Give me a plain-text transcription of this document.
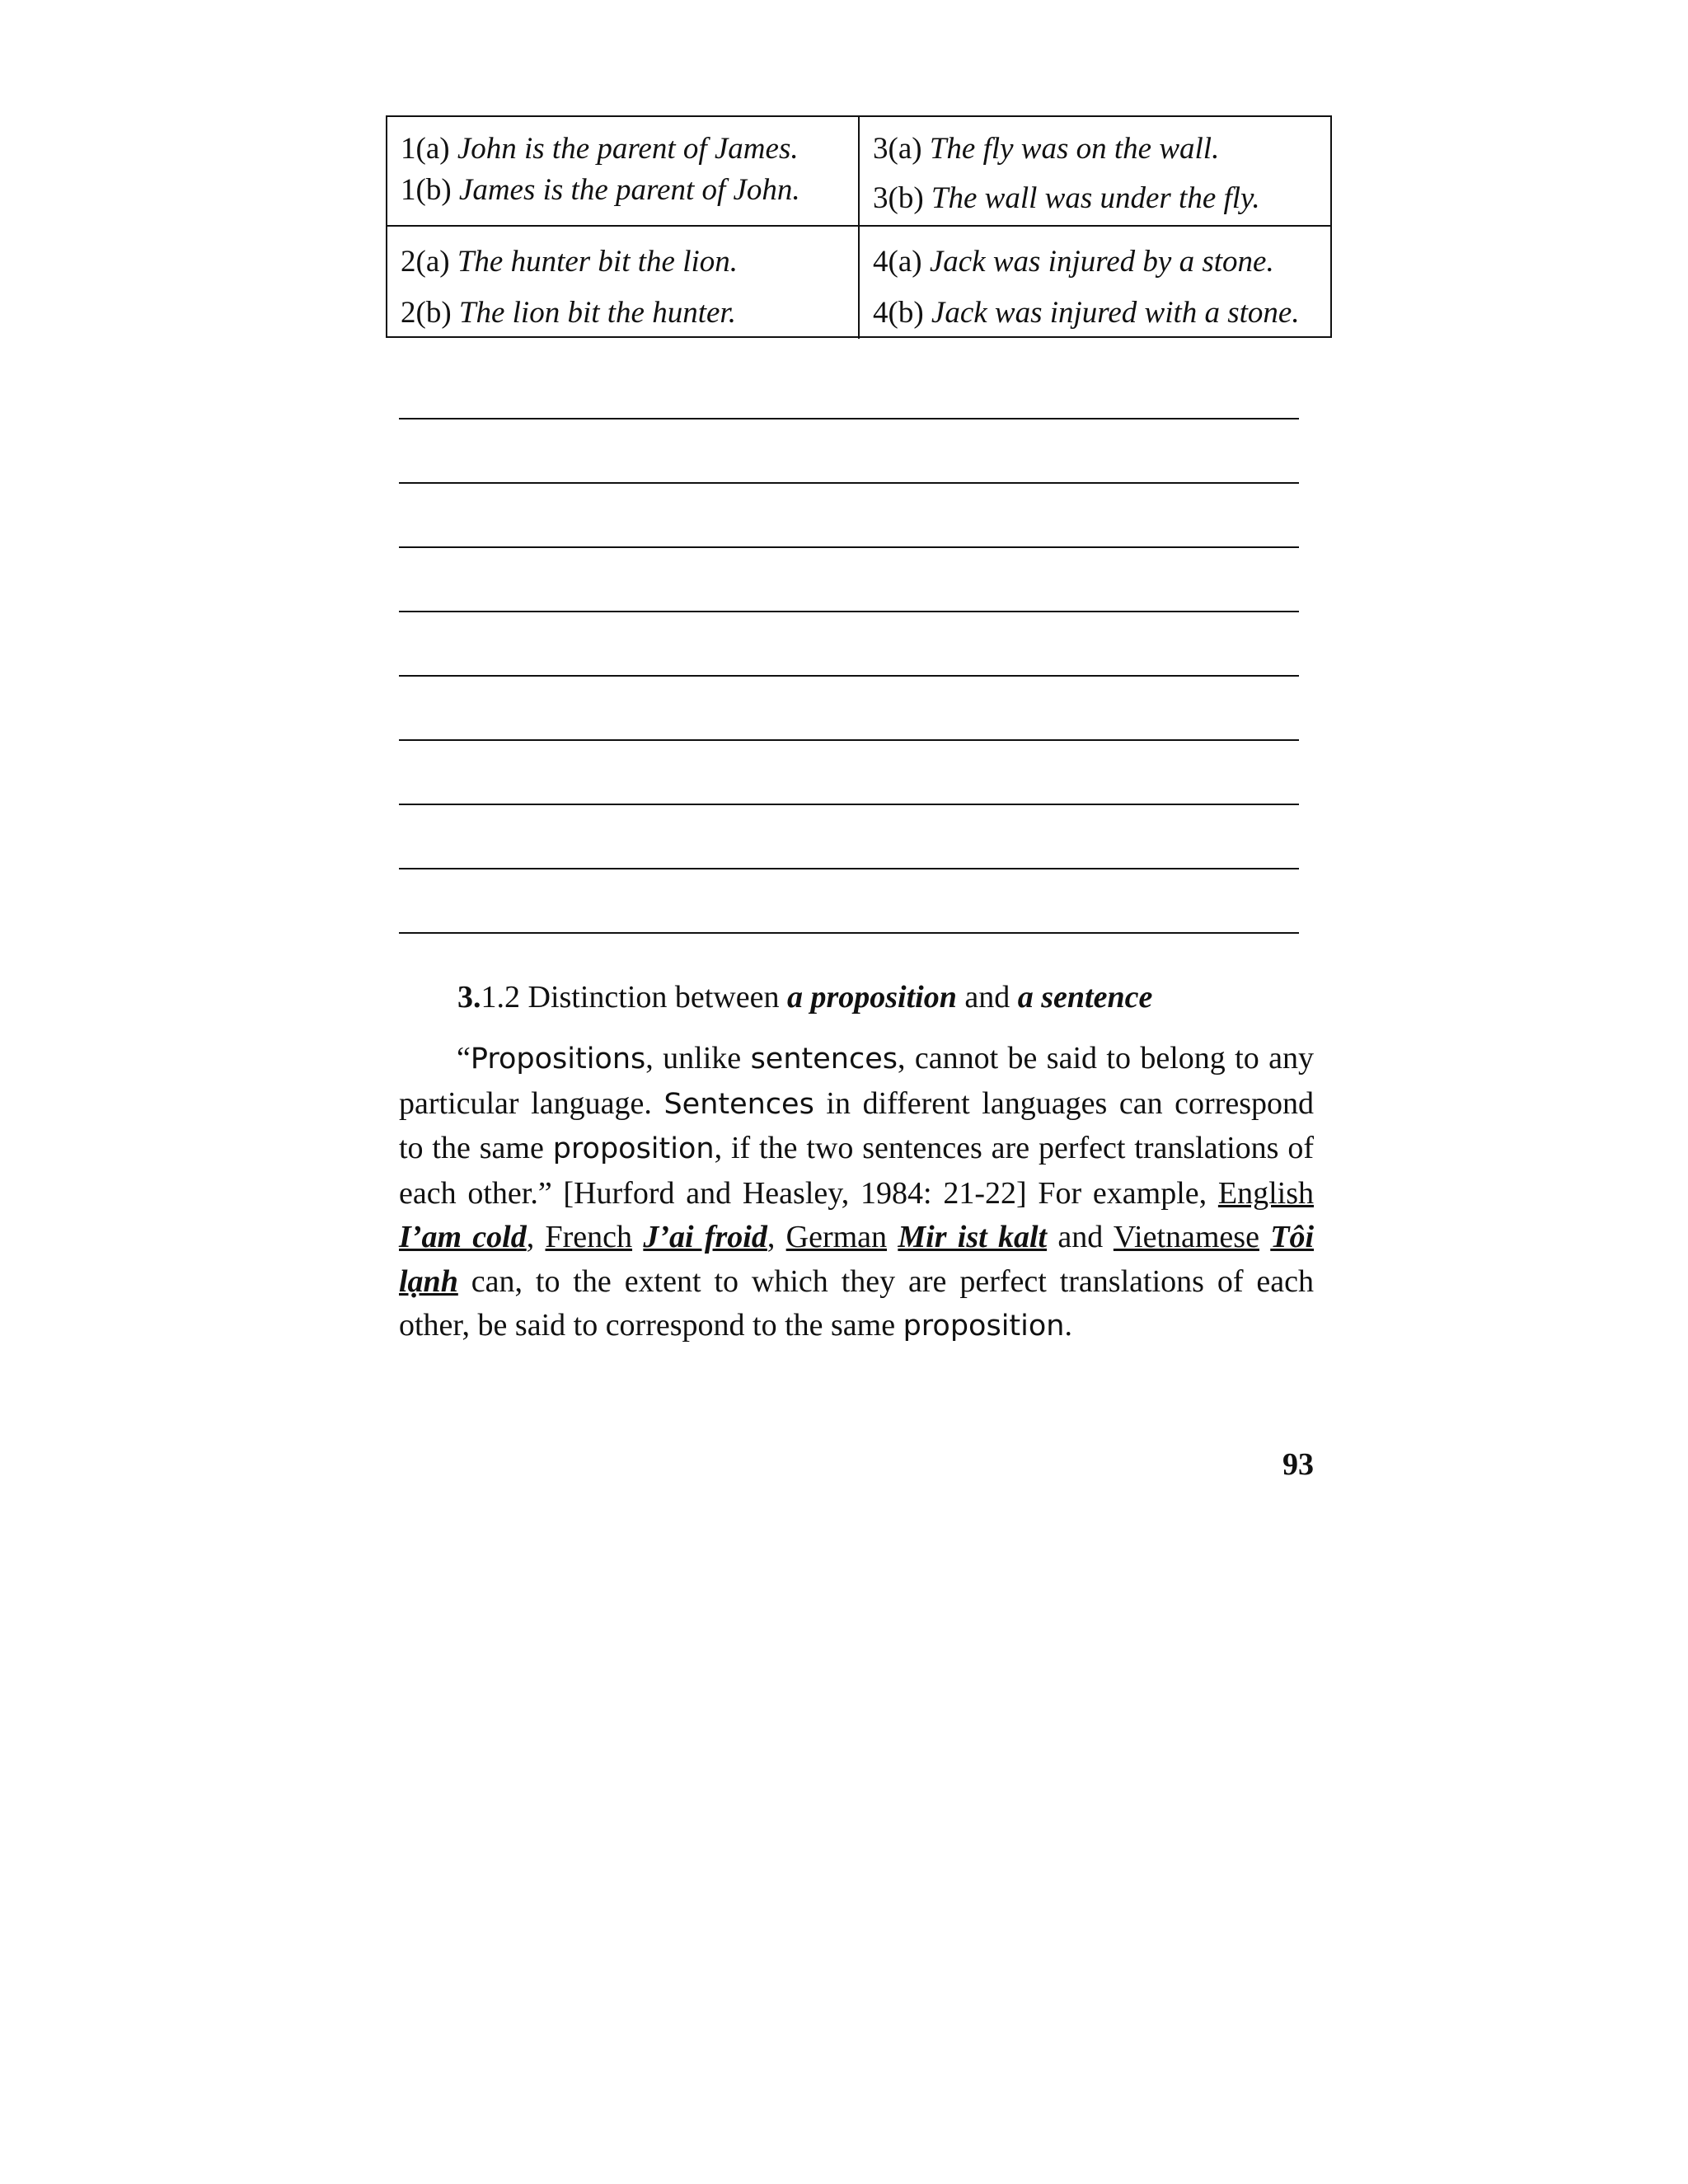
1(a) John is the parent of James.
1(b) James is the parent of John.
3(a) The fly was on the wall.
3(b) The wall was under the fly.
2(a) The hunter bit the lion.
2(b) The lion bit the hunter.
4(a) Jack was injured by a stone.
4(b) Jack was injured with a stone.
3.1.2 Distinction between a proposition and a sentence
“Propositions, unlike sentences, cannot be said to belong to any particular language. Sentences in different languages can correspond to the same proposition, if the two sentences are perfect translations of each other.” [Hurford and Heasley, 1984: 21-22] For example, English I’am cold, French J’ai froid, German Mir ist kalt and Vietnamese Tôi lạnh can, to the extent to which they are perfect translations of each other, be said to correspond to the same proposition.
93
